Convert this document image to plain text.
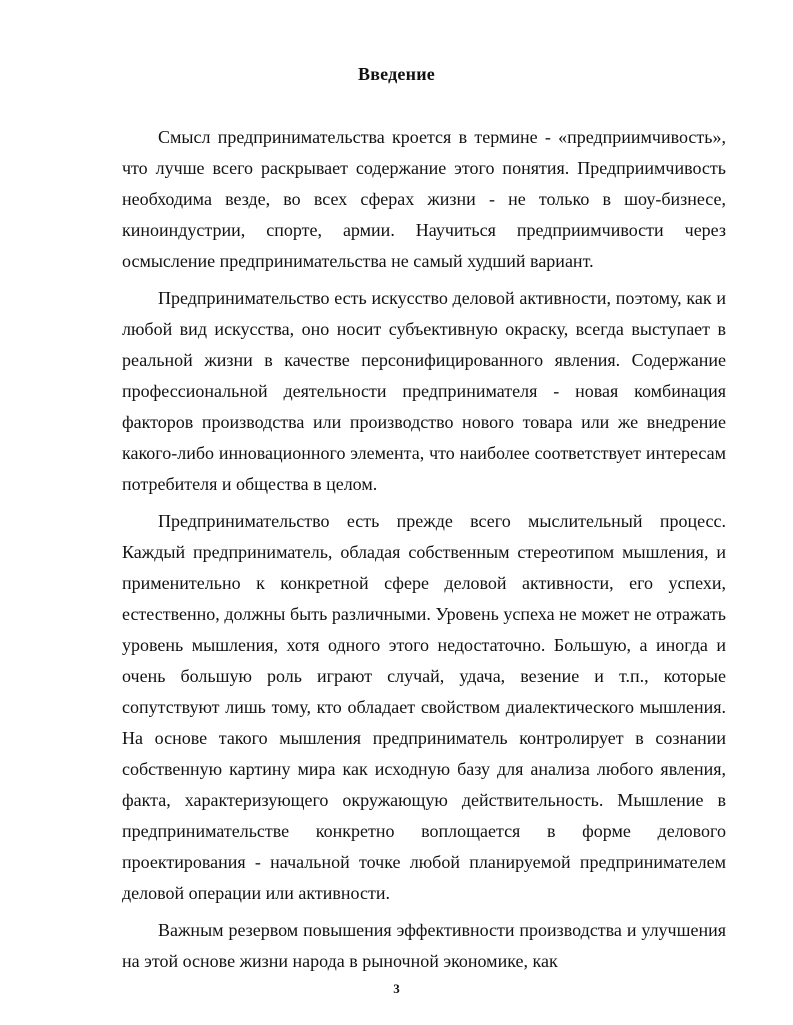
Введение

Смысл предпринимательства кроется в термине - «предприимчивость», что лучше всего раскрывает содержание этого понятия. Предприимчивость необходима везде, во всех сферах жизни - не только в шоу-бизнесе, киноиндустрии, спорте, армии. Научиться предприимчивости через осмысление предпринимательства не самый худший вариант.

Предпринимательство есть искусство деловой активности, поэтому, как и любой вид искусства, оно носит субъективную окраску, всегда выступает в реальной жизни в качестве персонифицированного явления. Содержание профессиональной деятельности предпринимателя - новая комбинация факторов производства или производство нового товара или же внедрение какого-либо инновационного элемента, что наиболее соответствует интересам потребителя и общества в целом.

Предпринимательство есть прежде всего мыслительный процесс. Каждый предприниматель, обладая собственным стереотипом мышления, и применительно к конкретной сфере деловой активности, его успехи, естественно, должны быть различными. Уровень успеха не может не отражать уровень мышления, хотя одного этого недостаточно. Большую, а иногда и очень большую роль играют случай, удача, везение и т.п., которые сопутствуют лишь тому, кто обладает свойством диалектического мышления. На основе такого мышления предприниматель контролирует в сознании собственную картину мира как исходную базу для анализа любого явления, факта, характеризующего окружающую действительность. Мышление в предпринимательстве конкретно воплощается в форме делового проектирования - начальной точке любой планируемой предпринимателем деловой операции или активности.

Важным резервом повышения эффективности производства и улучшения на этой основе жизни народа в рыночной экономике, как

3
